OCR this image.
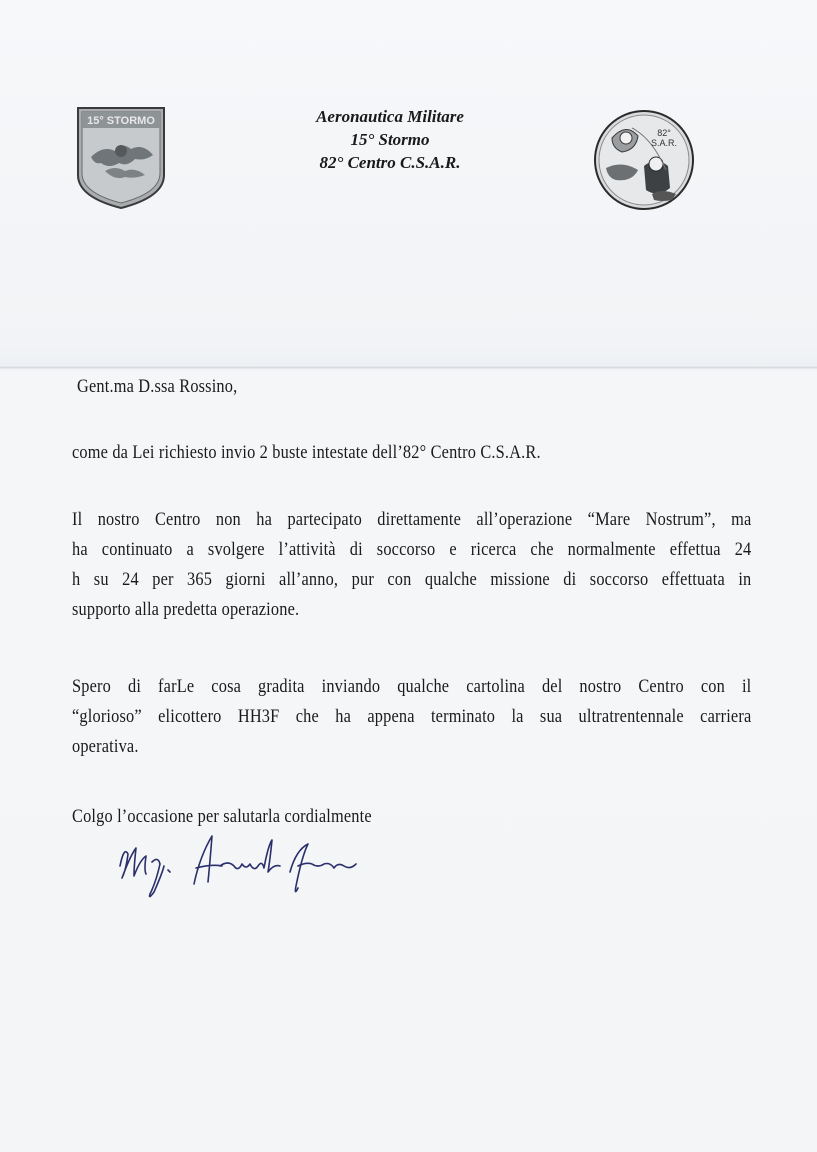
15° STORMO	Aeronautica Militare
15° Stormo
82° Centro C.S.A.R.
82°
S.A.R.
Gent.ma D.ssa Rossino,
come da Lei richiesto invio 2 buste intestate dell’82° Centro C.S.A.R.
Il nostro Centro non ha partecipato direttamente all’operazione “Mare Nostrum”, ma
ha continuato a svolgere l’attività di soccorso e ricerca che normalmente effettua 24
h su 24 per 365 giorni all’anno, pur con qualche missione di soccorso effettuata in
supporto alla predetta operazione.
Spero di farLe cosa gradita inviando qualche cartolina del nostro Centro con il
“glorioso” elicottero HH3F che ha appena terminato la sua ultratrentennale carriera
operativa.
Colgo l’occasione per salutarla cordialmente
